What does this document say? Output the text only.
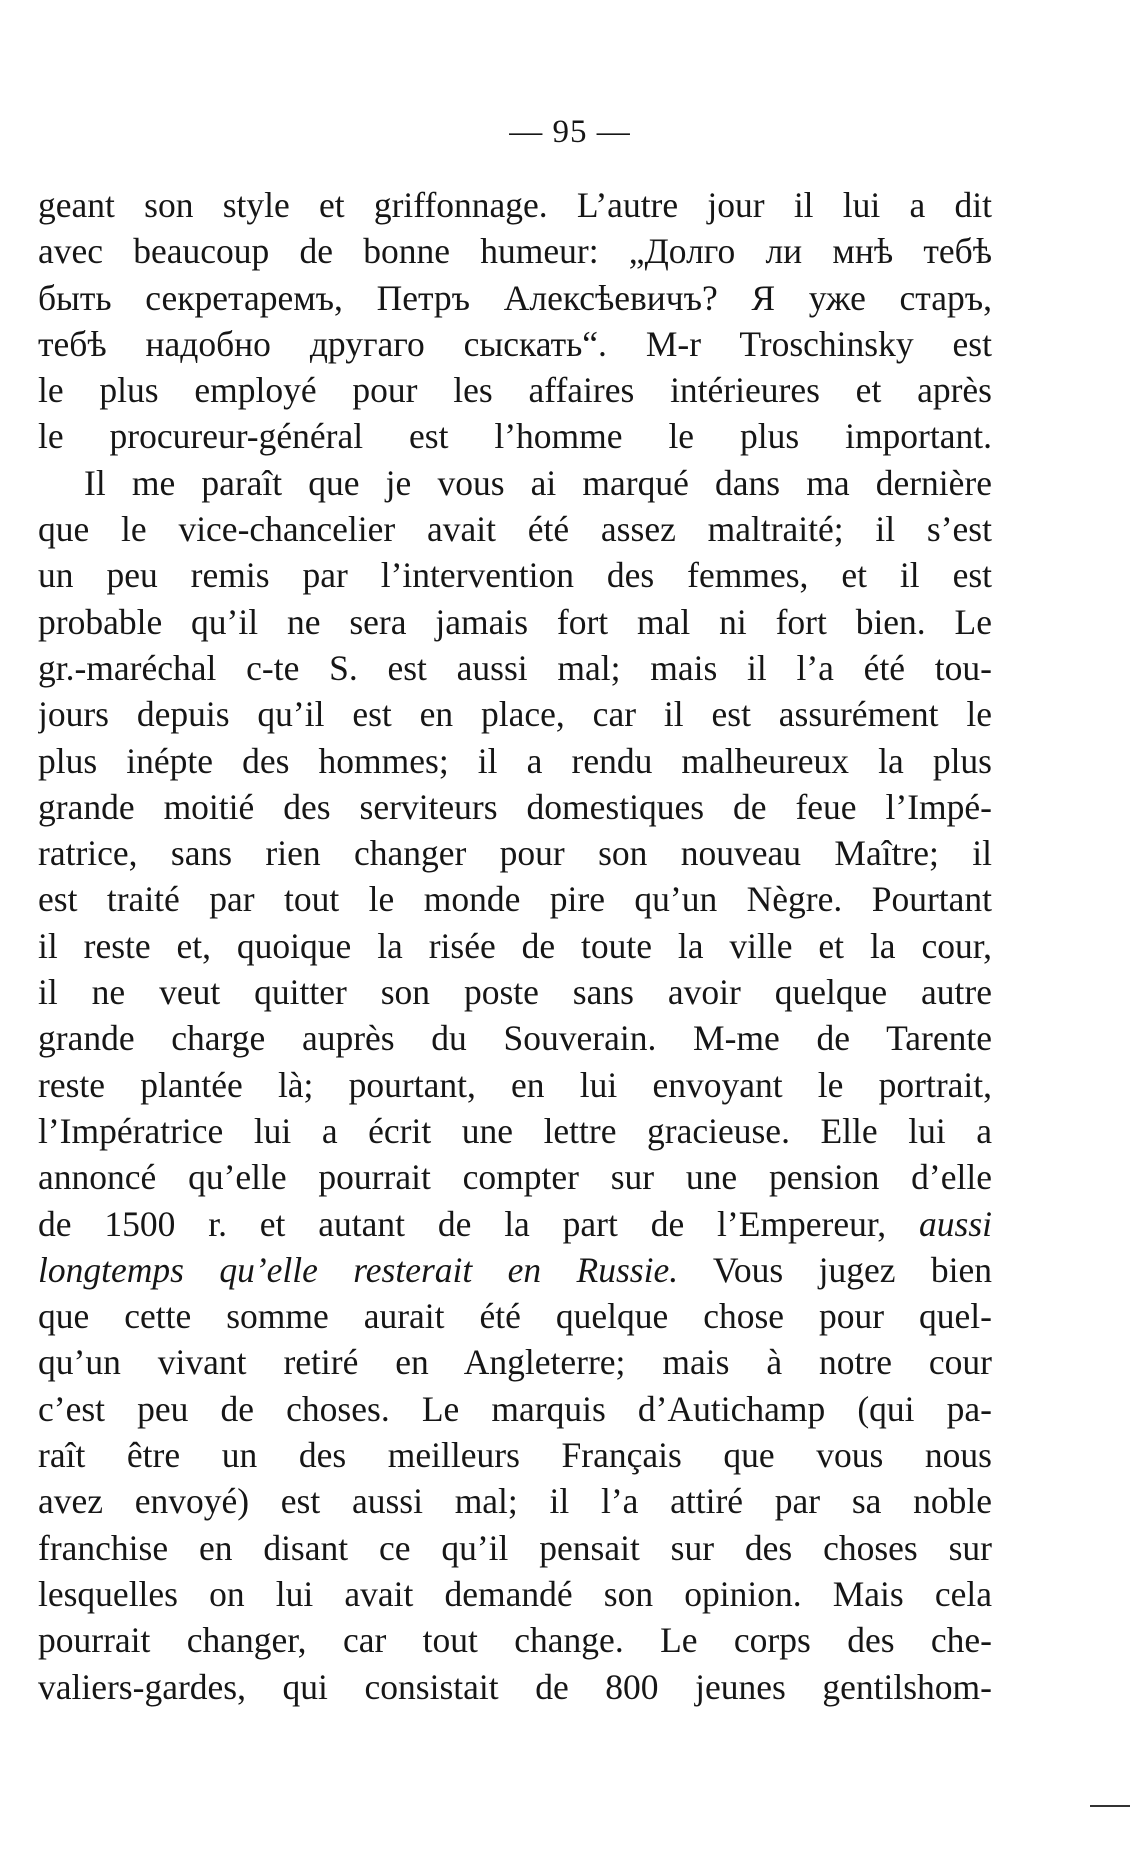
— 95 —
geant son style et griffonnage. L’autre jour il lui a dit
avec beaucoup de bonne humeur: „Долго ли мнѣ тебѣ
быть секретаремъ, Петръ Алексѣевичъ? Я уже старъ,
тебѣ надобно другаго сыскать“. M-r Troschinsky est
le plus employé pour les affaires intérieures et après
le procureur-général est l’homme le plus important.
Il me paraît que je vous ai marqué dans ma dernière
que le vice-chancelier avait été assez maltraité; il s’est
un peu remis par l’intervention des femmes, et il est
probable qu’il ne sera jamais fort mal ni fort bien. Le
gr.-maréchal c-te S. est aussi mal; mais il l’a été tou-
jours depuis qu’il est en place, car il est assurément le
plus inépte des hommes; il a rendu malheureux la plus
grande moitié des serviteurs domestiques de feue l’Impé-
ratrice, sans rien changer pour son nouveau Maître; il
est traité par tout le monde pire qu’un Nègre. Pourtant
il reste et, quoique la risée de toute la ville et la cour,
il ne veut quitter son poste sans avoir quelque autre
grande charge auprès du Souverain. M-me de Tarente
reste plantée là; pourtant, en lui envoyant le portrait,
l’Impératrice lui a écrit une lettre gracieuse. Elle lui a
annoncé qu’elle pourrait compter sur une pension d’elle
de 1500 r. et autant de la part de l’Empereur, aussi
longtemps qu’elle resterait en Russie. Vous jugez bien
que cette somme aurait été quelque chose pour quel-
qu’un vivant retiré en Angleterre; mais à notre cour
c’est peu de choses. Le marquis d’Autichamp (qui pa-
raît être un des meilleurs Français que vous nous
avez envoyé) est aussi mal; il l’a attiré par sa noble
franchise en disant ce qu’il pensait sur des choses sur
lesquelles on lui avait demandé son opinion. Mais cela
pourrait changer, car tout change. Le corps des che-
valiers-gardes, qui consistait de 800 jeunes gentilshom-
